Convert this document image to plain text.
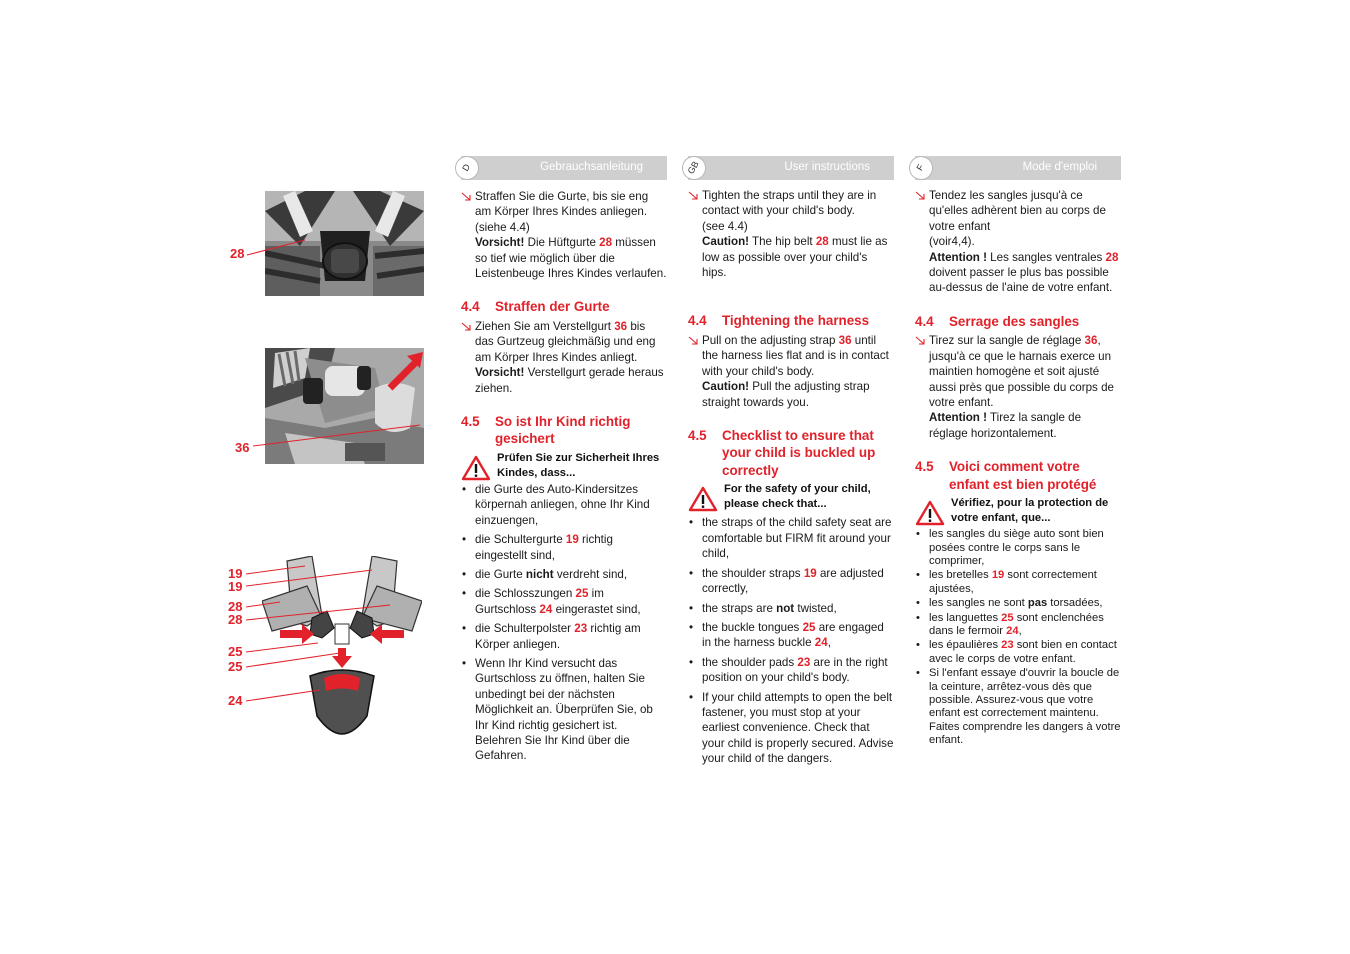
28
36
19
19
28
28
25
25
24
D	Gebrauchsanleitung
Straffen Sie die Gurte, bis sie eng am Körper Ihres Kindes anliegen. (siehe 4.4)
Vorsicht! Die Hüftgurte 28 müssen so tief wie möglich über die Leistenbeuge Ihres Kindes verlaufen.
4.4	Straffen der Gurte
Ziehen Sie am Verstellgurt 36 bis das Gurtzeug gleichmäßig und eng am Körper Ihres Kindes anliegt.
Vorsicht! Verstellgurt gerade heraus ziehen.
4.5	So ist Ihr Kind richtig gesichert
Prüfen Sie zur Sicherheit Ihres Kindes, dass...
• die Gurte des Auto-Kindersitzes körpernah anliegen, ohne Ihr Kind einzuengen,
• die Schultergurte 19 richtig eingestellt sind,
• die Gurte nicht verdreht sind,
• die Schlosszungen 25 im Gurtschloss 24 eingerastet sind,
• die Schulterpolster 23 richtig am Körper anliegen.
• Wenn Ihr Kind versucht das Gurtschloss zu öffnen, halten Sie unbedingt bei der nächsten Möglichkeit an. Überprüfen Sie, ob Ihr Kind richtig gesichert ist. Belehren Sie Ihr Kind über die Gefahren.
GB	User instructions
Tighten the straps until they are in contact with your child's body.
(see 4.4)
Caution! The hip belt 28 must lie as low as possible over your child's hips.
4.4	Tightening the harness
Pull on the adjusting strap 36 until the harness lies flat and is in contact with your child's body.
Caution! Pull the adjusting strap straight towards you.
4.5	Checklist to ensure that your child is buckled up correctly
For the safety of your child, please check that...
• the straps of the child safety seat are comfortable but FIRM fit around your child,
• the shoulder straps 19 are adjusted correctly,
• the straps are not twisted,
• the buckle tongues 25 are engaged in the harness buckle 24,
• the shoulder pads 23 are in the right position on your child's body.
• If your child attempts to open the belt fastener, you must stop at your earliest convenience. Check that your child is properly secured. Advise your child of the dangers.
F	Mode d'emploi
Tendez les sangles jusqu'à ce qu'elles adhèrent bien au corps de votre enfant
(voir4,4).
Attention ! Les sangles ventrales 28 doivent passer le plus bas possible au-dessus de l'aine de votre enfant.
4.4	Serrage des sangles
Tirez sur la sangle de réglage 36, jusqu'à ce que le harnais exerce un maintien homogène et soit ajusté aussi près que possible du corps de votre enfant.
Attention ! Tirez la sangle de réglage horizontalement.
4.5	Voici comment votre enfant est bien protégé
Vérifiez, pour la protection de votre enfant, que...
• les sangles du siège auto sont bien posées contre le corps sans le comprimer,
• les bretelles 19 sont correctement ajustées,
• les sangles ne sont pas torsadées,
• les languettes 25 sont enclenchées dans le fermoir 24,
• les épaulières 23 sont bien en contact avec le corps de votre enfant.
• Si l'enfant essaye d'ouvrir la boucle de la ceinture, arrêtez-vous dès que possible. Assurez-vous que votre enfant est correctement maintenu. Faites comprendre les dangers à votre enfant.
